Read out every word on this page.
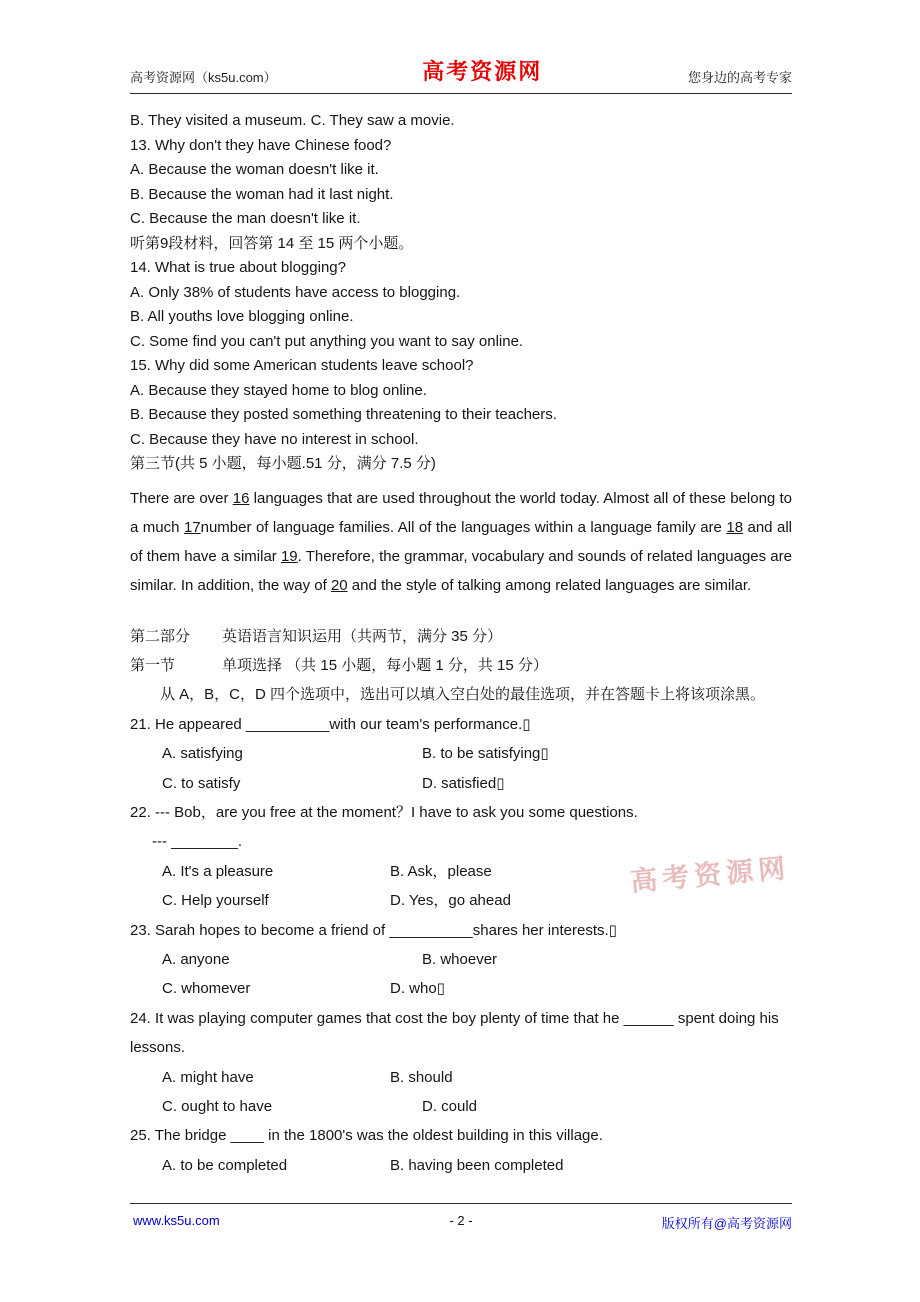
高考资源网（ks5u.com）	高考资源网	您身边的高考专家
B. They visited a museum. C. They saw a movie.
13. Why don't they have Chinese food?
A. Because the woman doesn't like it.
B. Because the woman had it last night.
C. Because the man doesn't like it.
听第9段材料，回答第 14 至 15 两个小题。
14. What is true about blogging?
A. Only 38% of students have access to blogging.
B. All youths love blogging online.
C. Some find you can't put anything you want to say online.
15. Why did some American students leave school?
A. Because they stayed home to blog online.
B. Because they posted something threatening to their teachers.
C. Because they have no interest in school.
第三节(共 5 小题，每小题.51 分，满分 7.5 分)

There are over 16 languages that are used throughout the world today. Almost all of these belong to a much 17number of language families. All of the languages within a language family are 18 and all of them have a similar 19. Therefore, the grammar, vocabulary and sounds of related languages are similar. In addition, the way of 20 and the style of talking among related languages are similar.

第二部分 英语语言知识运用（共两节，满分 35 分）
第一节	单项选择 （共 15 小题，每小题 1 分，共 15 分）
从 A，B，C，D 四个选项中，选出可以填入空白处的最佳选项，并在答题卡上将该项涂黑。
21. He appeared __________with our team's performance.▯
A. satisfying	B. to be satisfying▯
C. to satisfy	D. satisfied▯
22. --- Bob，are you free at the moment？I have to ask you some questions.
--- ________.
A. It's a pleasure	B. Ask，please
C. Help yourself	D. Yes，go ahead
23. Sarah hopes to become a friend of __________shares her interests.▯
A. anyone	B. whoever
C. whomever	D. who▯
24. It was playing computer games that cost the boy plenty of time that he ______ spent doing his lessons.
A. might have	B. should
C. ought to have	D. could
25. The bridge ____ in the 1800's was the oldest building in this village.
A. to be completed	B. having been completed
高考资源网
www.ks5u.com	- 2 -	版权所有@高考资源网
